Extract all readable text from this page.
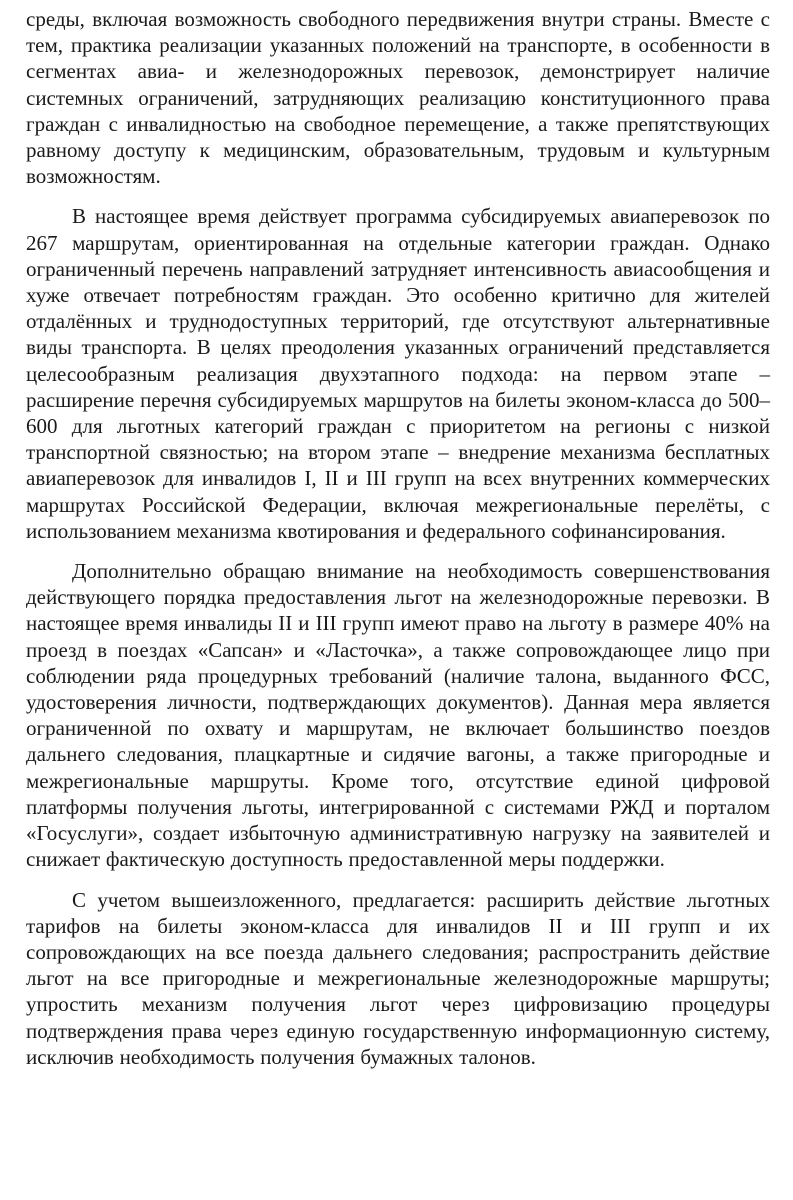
среды, включая возможность свободного передвижения внутри страны. Вместе с тем, практика реализации указанных положений на транспорте, в особенности в сегментах авиа- и железнодорожных перевозок, демонстрирует наличие системных ограничений, затрудняющих реализацию конституционного права граждан с инвалидностью на свободное перемещение, а также препятствующих равному доступу к медицинским, образовательным, трудовым и культурным возможностям.

В настоящее время действует программа субсидируемых авиаперевозок по 267 маршрутам, ориентированная на отдельные категории граждан. Однако ограниченный перечень направлений затрудняет интенсивность авиасообщения и хуже отвечает потребностям граждан. Это особенно критично для жителей отдалённых и труднодоступных территорий, где отсутствуют альтернативные виды транспорта. В целях преодоления указанных ограничений представляется целесообразным реализация двухэтапного подхода: на первом этапе – расширение перечня субсидируемых маршрутов на билеты эконом-класса до 500–600 для льготных категорий граждан с приоритетом на регионы с низкой транспортной связностью; на втором этапе – внедрение механизма бесплатных авиаперевозок для инвалидов I, II и III групп на всех внутренних коммерческих маршрутах Российской Федерации, включая межрегиональные перелёты, с использованием механизма квотирования и федерального софинансирования.

Дополнительно обращаю внимание на необходимость совершенствования действующего порядка предоставления льгот на железнодорожные перевозки. В настоящее время инвалиды II и III групп имеют право на льготу в размере 40% на проезд в поездах «Сапсан» и «Ласточка», а также сопровождающее лицо при соблюдении ряда процедурных требований (наличие талона, выданного ФСС, удостоверения личности, подтверждающих документов). Данная мера является ограниченной по охвату и маршрутам, не включает большинство поездов дальнего следования, плацкартные и сидячие вагоны, а также пригородные и межрегиональные маршруты. Кроме того, отсутствие единой цифровой платформы получения льготы, интегрированной с системами РЖД и порталом «Госуслуги», создает избыточную административную нагрузку на заявителей и снижает фактическую доступность предоставленной меры поддержки.

С учетом вышеизложенного, предлагается: расширить действие льготных тарифов на билеты эконом-класса для инвалидов II и III групп и их сопровождающих на все поезда дальнего следования; распространить действие льгот на все пригородные и межрегиональные железнодорожные маршруты; упростить механизм получения льгот через цифровизацию процедуры подтверждения права через единую государственную информационную систему, исключив необходимость получения бумажных талонов.
